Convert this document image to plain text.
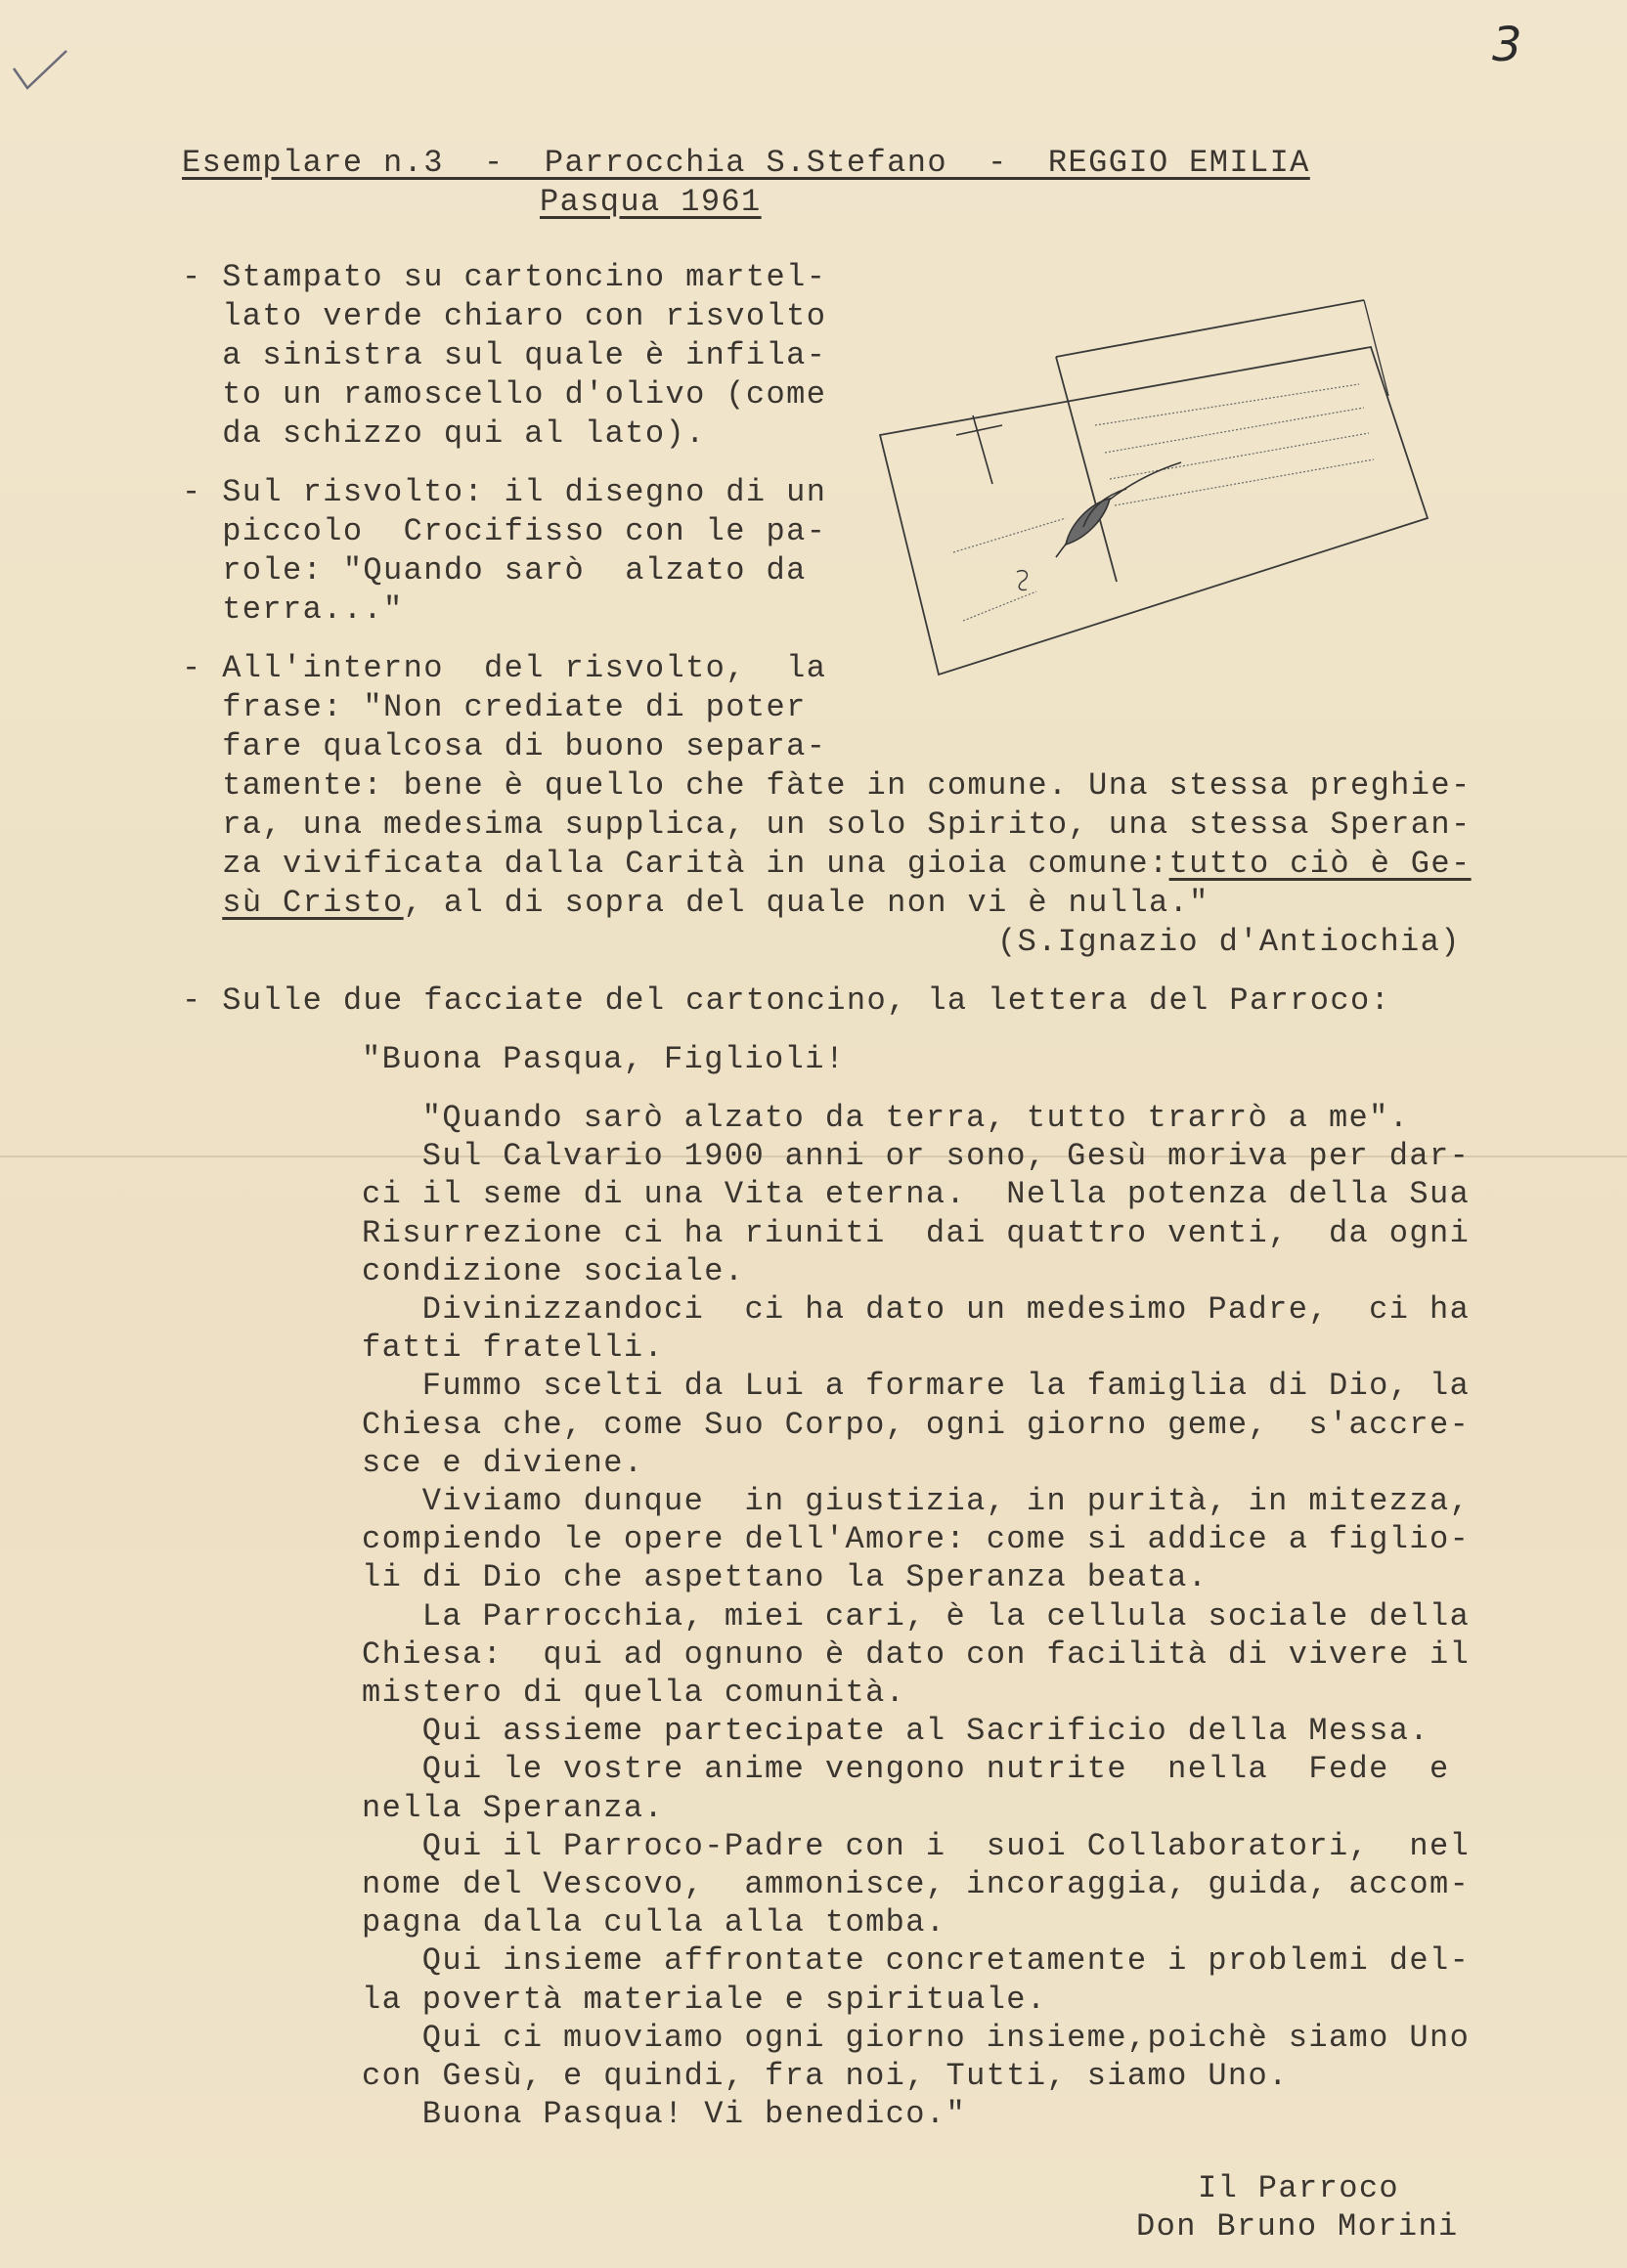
3
Esemplare n.3  -  Parrocchia S.Stefano  -  REGGIO EMILIA
Pasqua 1961
- Stampato su cartoncino martel-
lato verde chiaro con risvolto
a sinistra sul quale è infila-
to un ramoscello d'olivo (come
da schizzo qui al lato).
- Sul risvolto: il disegno di un
piccolo  Crocifisso con le pa-
role: "Quando sarò  alzato da
terra..."
- All'interno  del risvolto,  la
frase: "Non crediate di poter
fare qualcosa di buono separa-
tamente: bene è quello che fàte in comune. Una stessa preghie-
ra, una medesima supplica, un solo Spirito, una stessa Speran-
za vivificata dalla Carità in una gioia comune:tutto ciò è Ge-
sù Cristo, al di sopra del quale non vi è nulla."
(S.Ignazio d'Antiochia)
- Sulle due facciate del cartoncino, la lettera del Parroco:
"Buona Pasqua, Figlioli!
"Quando sarò alzato da terra, tutto trarrò a me".
Sul Calvario 1900 anni or sono, Gesù moriva per dar-
ci il seme di una Vita eterna.  Nella potenza della Sua
Risurrezione ci ha riuniti  dai quattro venti,  da ogni
condizione sociale.
Divinizzandoci  ci ha dato un medesimo Padre,  ci ha
fatti fratelli.
Fummo scelti da Lui a formare la famiglia di Dio, la
Chiesa che, come Suo Corpo, ogni giorno geme,  s'accre-
sce e diviene.
Viviamo dunque  in giustizia, in purità, in mitezza,
compiendo le opere dell'Amore: come si addice a figlio-
li di Dio che aspettano la Speranza beata.
La Parrocchia, miei cari, è la cellula sociale della
Chiesa:  qui ad ognuno è dato con facilità di vivere il
mistero di quella comunità.
Qui assieme partecipate al Sacrificio della Messa.
Qui le vostre anime vengono nutrite  nella  Fede  e
nella Speranza.
Qui il Parroco-Padre con i  suoi Collaboratori,  nel
nome del Vescovo,  ammonisce, incoraggia, guida, accom-
pagna dalla culla alla tomba.
Qui insieme affrontate concretamente i problemi del-
la povertà materiale e spirituale.
Qui ci muoviamo ogni giorno insieme,poichè siamo Uno
con Gesù, e quindi, fra noi, Tutti, siamo Uno.
Buona Pasqua! Vi benedico."
Il Parroco
Don Bruno Morini
